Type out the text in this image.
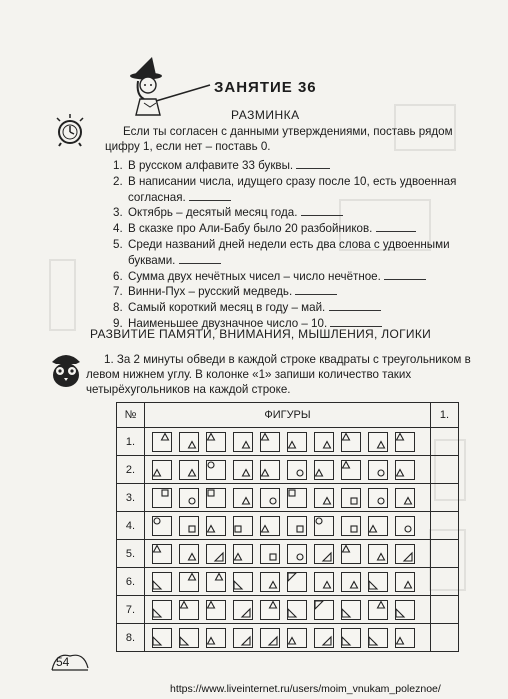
ЗАНЯТИЕ 36
РАЗМИНКА
Если ты согласен с данными утверждениями, поставь рядом цифру 1, если нет – поставь 0.
1. В русском алфавите 33 буквы.
2. В написании числа, идущего сразу после 10, есть удвоенная согласная.
3. Октябрь – десятый месяц года.
4. В сказке про Али-Бабу было 20 разбойников.
5. Среди названий дней недели есть два слова с удвоенными буквами.
6. Сумма двух нечётных чисел – число нечётное.
7. Винни-Пух – русский медведь.
8. Самый короткий месяц в году – май.
9. Наименьшее двузначное число – 10.
РАЗВИТИЕ ПАМЯТИ, ВНИМАНИЯ, МЫШЛЕНИЯ, ЛОГИКИ
1. За 2 минуты обведи в каждой строке квадраты с треугольником в левом нижнем углу. В колонке «1» запиши количество таких четырёхугольников на каждой строке.
№	ФИГУРЫ	1.
1.	

2.	

3.	

4.	

5.	

6.	

7.	

8.	

54
https://www.liveinternet.ru/users/moim_vnukam_poleznoe/
